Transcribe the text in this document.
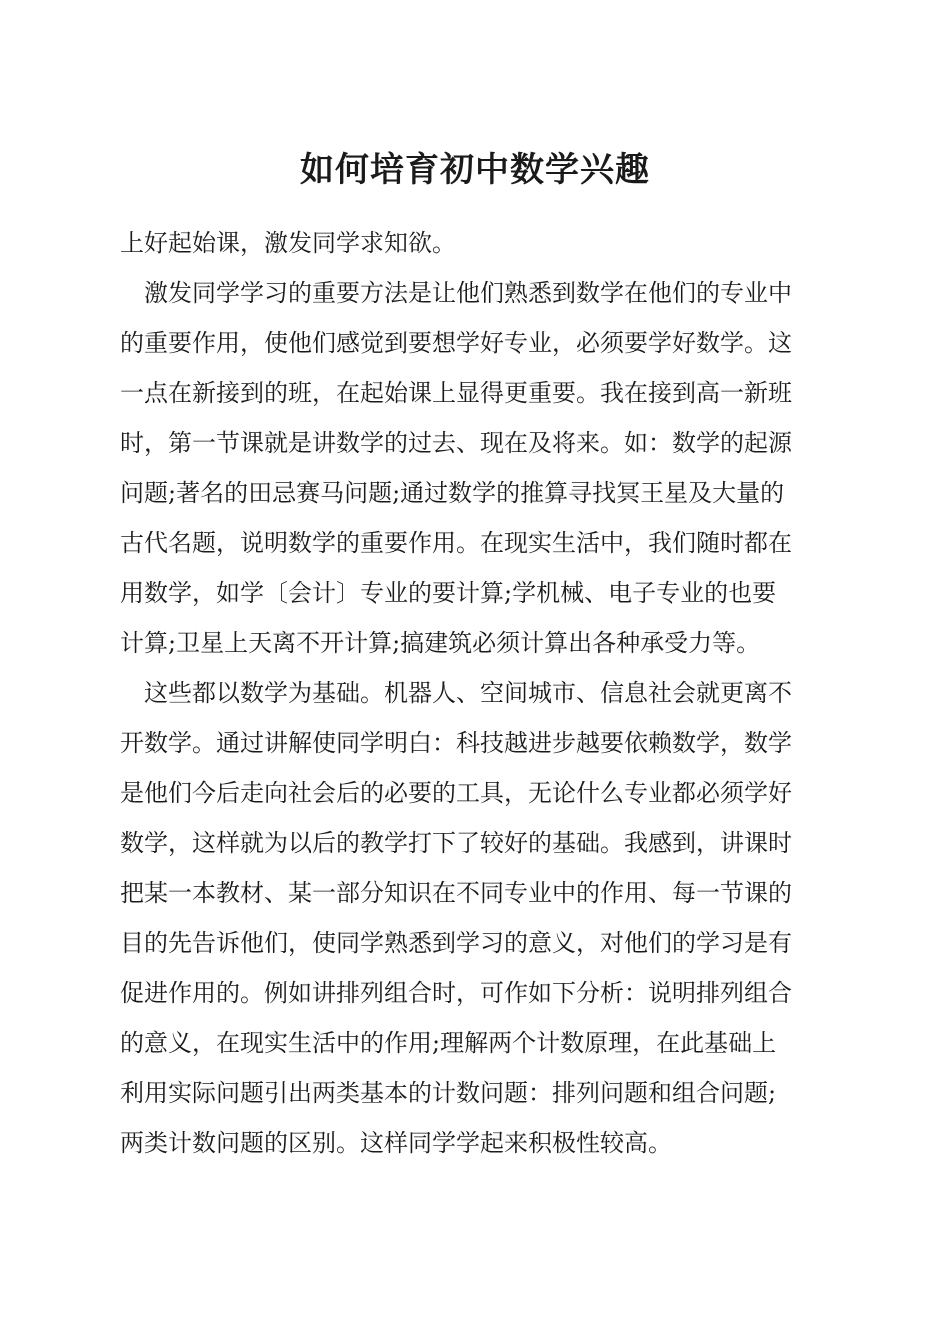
如何培育初中数学兴趣
上好起始课，激发同学求知欲。
激发同学学习的重要方法是让他们熟悉到数学在他们的专业中
的重要作用，使他们感觉到要想学好专业，必须要学好数学。这
一点在新接到的班，在起始课上显得更重要。我在接到高一新班
时，第一节课就是讲数学的过去、现在及将来。如：数学的起源
问题;著名的田忌赛马问题;通过数学的推算寻找冥王星及大量的
古代名题，说明数学的重要作用。在现实生活中，我们随时都在
用数学，如学〔会计〕专业的要计算;学机械、电子专业的也要
计算;卫星上天离不开计算;搞建筑必须计算出各种承受力等。
这些都以数学为基础。机器人、空间城市、信息社会就更离不
开数学。通过讲解使同学明白：科技越进步越要依赖数学，数学
是他们今后走向社会后的必要的工具，无论什么专业都必须学好
数学，这样就为以后的教学打下了较好的基础。我感到，讲课时
把某一本教材、某一部分知识在不同专业中的作用、每一节课的
目的先告诉他们，使同学熟悉到学习的意义，对他们的学习是有
促进作用的。例如讲排列组合时，可作如下分析：说明排列组合
的意义，在现实生活中的作用;理解两个计数原理，在此基础上
利用实际问题引出两类基本的计数问题：排列问题和组合问题;
两类计数问题的区别。这样同学学起来积极性较高。
